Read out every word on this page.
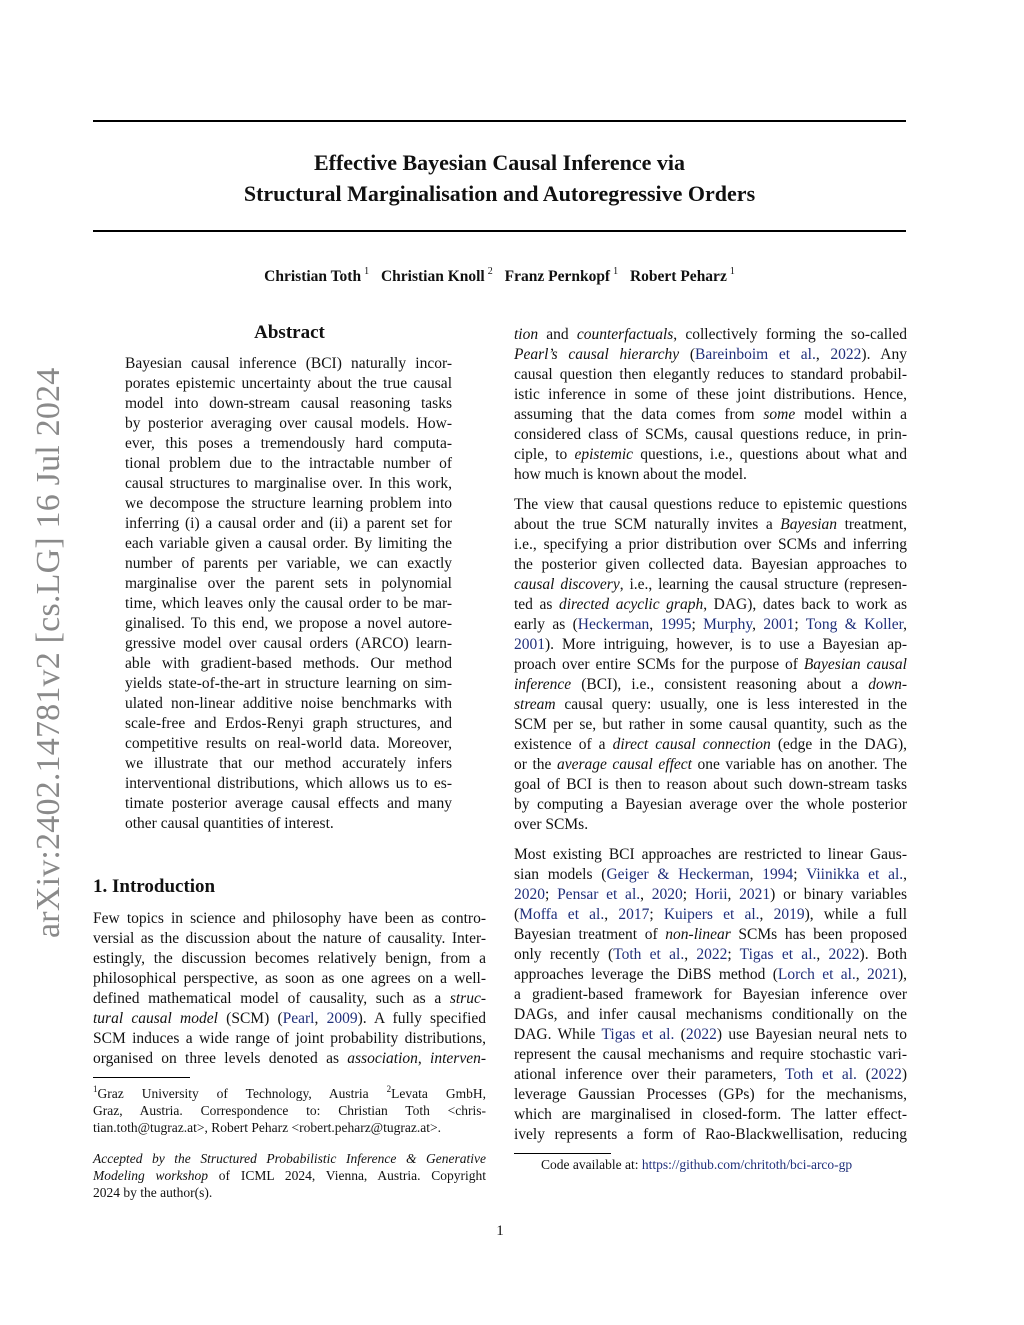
Effective Bayesian Causal Inference via
Structural Marginalisation and Autoregressive Orders
Christian Toth $^1$ Christian Knoll $^2$ Franz Pernkopf $^1$ Robert Peharz $^1$
arXiv:2402.14781v2 [cs.LG] 16 Jul 2024
Abstract
Bayesian causal inference (BCI) naturally incor-
porates epistemic uncertainty about the true causal
model into down-stream causal reasoning tasks
by posterior averaging over causal models. How-
ever, this poses a tremendously hard computa-
tional problem due to the intractable number of
causal structures to marginalise over. In this work,
we decompose the structure learning problem into
inferring (i) a causal order and (ii) a parent set for
each variable given a causal order. By limiting the
number of parents per variable, we can exactly
marginalise over the parent sets in polynomial
time, which leaves only the causal order to be mar-
ginalised. To this end, we propose a novel autore-
gressive model over causal orders (ARCO) learn-
able with gradient-based methods. Our method
yields state-of-the-art in structure learning on sim-
ulated non-linear additive noise benchmarks with
scale-free and Erdos-Renyi graph structures, and
competitive results on real-world data. Moreover,
we illustrate that our method accurately infers
interventional distributions, which allows us to es-
timate posterior average causal effects and many
other causal quantities of interest.
1. Introduction
Few topics in science and philosophy have been as contro-
versial as the discussion about the nature of causality. Inter-
estingly, the discussion becomes relatively benign, from a
philosophical perspective, as soon as one agrees on a well-
defined mathematical model of causality, such as a struc-
tural causal model (SCM) (Pearl, 2009). A fully specified
SCM induces a wide range of joint probability distributions,
organised on three levels denoted as association, interven-
$^1$Graz University of Technology, Austria $^2$Levata GmbH,
Graz, Austria. Correspondence to: Christian Toth <chris-
tian.toth@tugraz.at>, Robert Peharz <robert.peharz@tugraz.at>.
Accepted by the Structured Probabilistic Inference & Generative
Modeling workshop of ICML 2024, Vienna, Austria. Copyright
2024 by the author(s).
tion and counterfactuals, collectively forming the so-called
Pearl’s causal hierarchy (Bareinboim et al., 2022). Any
causal question then elegantly reduces to standard probabil-
istic inference in some of these joint distributions. Hence,
assuming that the data comes from some model within a
considered class of SCMs, causal questions reduce, in prin-
ciple, to epistemic questions, i.e., questions about what and
how much is known about the model.
The view that causal questions reduce to epistemic questions
about the true SCM naturally invites a Bayesian treatment,
i.e., specifying a prior distribution over SCMs and inferring
the posterior given collected data. Bayesian approaches to
causal discovery, i.e., learning the causal structure (represen-
ted as directed acyclic graph, DAG), dates back to work as
early as (Heckerman, 1995; Murphy, 2001; Tong & Koller,
2001). More intriguing, however, is to use a Bayesian ap-
proach over entire SCMs for the purpose of Bayesian causal
inference (BCI), i.e., consistent reasoning about a down-
stream causal query: usually, one is less interested in the
SCM per se, but rather in some causal quantity, such as the
existence of a direct causal connection (edge in the DAG),
or the average causal effect one variable has on another. The
goal of BCI is then to reason about such down-stream tasks
by computing a Bayesian average over the whole posterior
over SCMs.
Most existing BCI approaches are restricted to linear Gaus-
sian models (Geiger & Heckerman, 1994; Viinikka et al.,
2020; Pensar et al., 2020; Horii, 2021) or binary variables
(Moffa et al., 2017; Kuipers et al., 2019), while a full
Bayesian treatment of non-linear SCMs has been proposed
only recently (Toth et al., 2022; Tigas et al., 2022). Both
approaches leverage the DiBS method (Lorch et al., 2021),
a gradient-based framework for Bayesian inference over
DAGs, and infer causal mechanisms conditionally on the
DAG. While Tigas et al. (2022) use Bayesian neural nets to
represent the causal mechanisms and require stochastic vari-
ational inference over their parameters, Toth et al. (2022)
leverage Gaussian Processes (GPs) for the mechanisms,
which are marginalised in closed-form. The latter effect-
ively represents a form of Rao-Blackwellisation, reducing
Code available at: https://github.com/chritoth/bci-arco-gp
1
